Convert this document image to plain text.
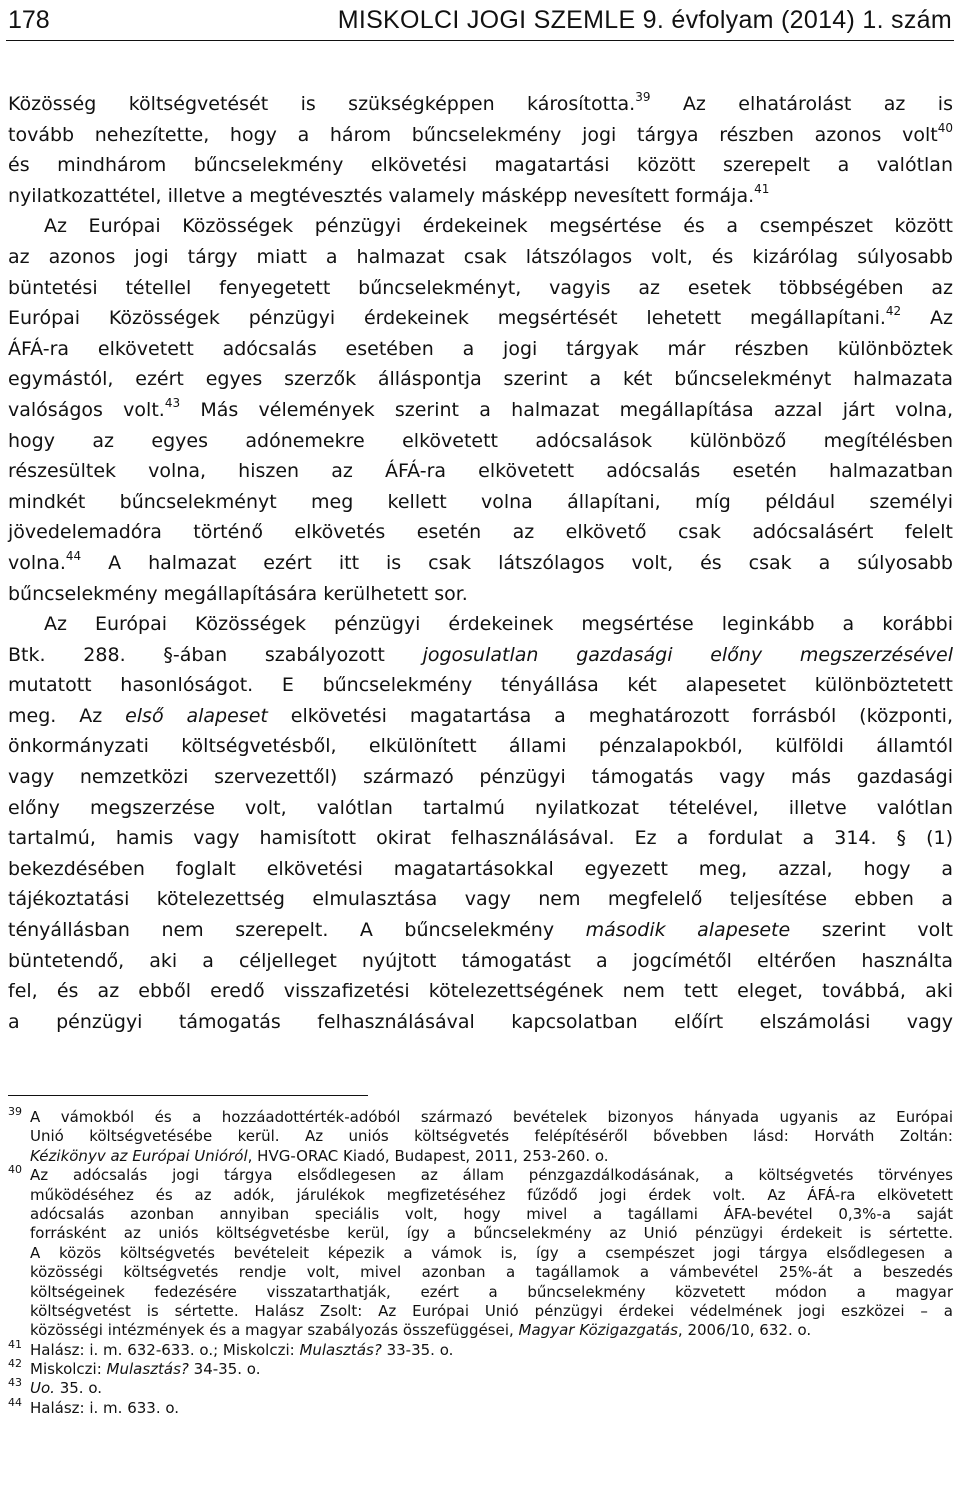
178	MISKOLCI JOGI SZEMLE 9. évfolyam (2014) 1. szám
Közösség költségvetését is szükségképpen károsította.$^{39}$ Az elhatárolást az is
tovább nehezítette, hogy a három bűncselekmény jogi tárgya részben azonos volt$^{40}$
és mindhárom bűncselekmény elkövetési magatartási között szerepelt a valótlan
nyilatkozattétel, illetve a megtévesztés valamely másképp nevesített formája.$^{41}$
Az Európai Közösségek pénzügyi érdekeinek megsértése és a csempészet között
az azonos jogi tárgy miatt a halmazat csak látszólagos volt, és kizárólag súlyosabb
büntetési tétellel fenyegetett bűncselekményt, vagyis az esetek többségében az
Európai Közösségek pénzügyi érdekeinek megsértését lehetett megállapítani.$^{42}$ Az
ÁFÁ-ra elkövetett adócsalás esetében a jogi tárgyak már részben különböztek
egymástól, ezért egyes szerzők álláspontja szerint a két bűncselekményt halmazata
valóságos volt.$^{43}$ Más vélemények szerint a halmazat megállapítása azzal járt volna,
hogy az egyes adónemekre elkövetett adócsalások különböző megítélésben
részesültek volna, hiszen az ÁFÁ-ra elkövetett adócsalás esetén halmazatban
mindkét bűncselekményt meg kellett volna állapítani, míg például személyi
jövedelemadóra történő elkövetés esetén az elkövető csak adócsalásért felelt
volna.$^{44}$ A halmazat ezért itt is csak látszólagos volt, és csak a súlyosabb
bűncselekmény megállapítására kerülhetett sor.
Az Európai Közösségek pénzügyi érdekeinek megsértése leginkább a korábbi
Btk. 288. §-ában szabályozott jogosulatlan gazdasági előny megszerzésével
mutatott hasonlóságot. E bűncselekmény tényállása két alapesetet különböztetett
meg. Az első alapeset elkövetési magatartása a meghatározott forrásból (központi,
önkormányzati költségvetésből, elkülönített állami pénzalapokból, külföldi államtól
vagy nemzetközi szervezettől) származó pénzügyi támogatás vagy más gazdasági
előny megszerzése volt, valótlan tartalmú nyilatkozat tételével, illetve valótlan
tartalmú, hamis vagy hamisított okirat felhasználásával. Ez a fordulat a 314. § (1)
bekezdésében foglalt elkövetési magatartásokkal egyezett meg, azzal, hogy a
tájékoztatási kötelezettség elmulasztása vagy nem megfelelő teljesítése ebben a
tényállásban nem szerepelt. A bűncselekmény második alapesete szerint volt
büntetendő, aki a céljelleget nyújtott támogatást a jogcímétől eltérően használta
fel, és az ebből eredő visszafizetési kötelezettségének nem tett eleget, továbbá, aki
a pénzügyi támogatás felhasználásával kapcsolatban előírt elszámolási vagy
39 A vámokból és a hozzáadottérték-adóból származó bevételek bizonyos hányada ugyanis az Európai
Unió költségvetésébe kerül. Az uniós költségvetés felépítéséről bővebben lásd: Horváth Zoltán:
Kézikönyv az Európai Unióról, HVG-ORAC Kiadó, Budapest, 2011, 253-260. o.
40 Az adócsalás jogi tárgya elsődlegesen az állam pénzgazdálkodásának, a költségvetés törvényes
működéséhez és az adók, járulékok megfizetéséhez fűződő jogi érdek volt. Az ÁFÁ-ra elkövetett
adócsalás azonban annyiban speciális volt, hogy mivel a tagállami ÁFA-bevétel 0,3%-a saját
forrásként az uniós költségvetésbe kerül, így a bűncselekmény az Unió pénzügyi érdekeit is sértette.
A közös költségvetés bevételeit képezik a vámok is, így a csempészet jogi tárgya elsődlegesen a
közösségi költségvetés rendje volt, mivel azonban a tagállamok a vámbevétel 25%-át a beszedés
költségeinek fedezésére visszatarthatják, ezért a bűncselekmény közvetett módon a magyar
költségvetést is sértette. Halász Zsolt: Az Európai Unió pénzügyi érdekei védelmének jogi eszközei – a
közösségi intézmények és a magyar szabályozás összefüggései, Magyar Közigazgatás, 2006/10, 632. o.
41 Halász: i. m. 632-633. o.; Miskolczi: Mulasztás? 33-35. o.
42 Miskolczi: Mulasztás? 34-35. o.
43 Uo. 35. o.
44 Halász: i. m. 633. o.
